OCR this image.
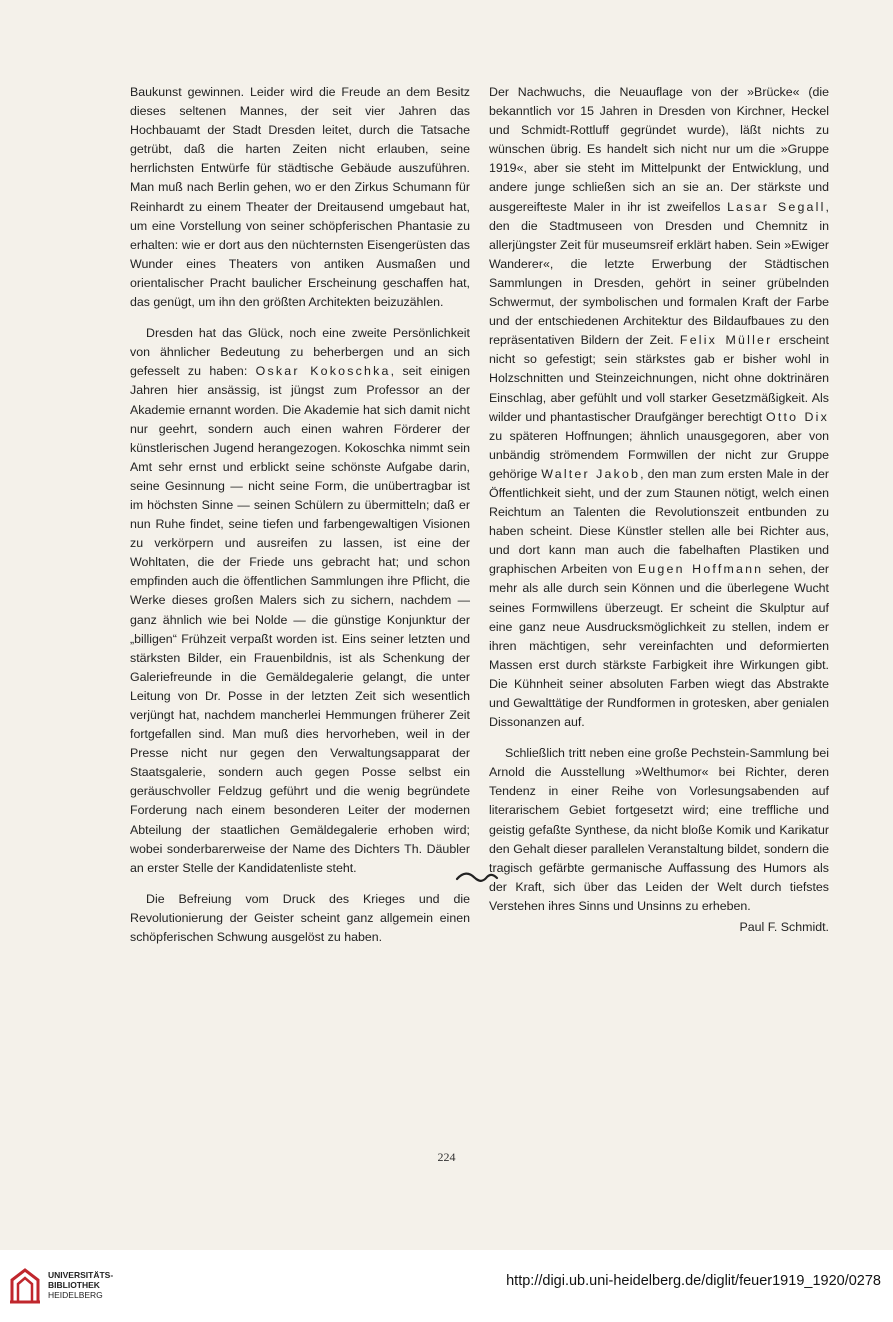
Baukunst gewinnen. Leider wird die Freude an dem Besitz dieses seltenen Mannes, der seit vier Jahren das Hochbauamt der Stadt Dresden leitet, durch die Tatsache getrübt, daß die harten Zeiten nicht erlauben, seine herrlichsten Entwürfe für städtische Gebäude auszuführen. Man muß nach Berlin gehen, wo er den Zirkus Schumann für Reinhardt zu einem Theater der Dreitausend umgebaut hat, um eine Vorstellung von seiner schöpferischen Phantasie zu erhalten: wie er dort aus den nüchternsten Eisengerüsten das Wunder eines Theaters von antiken Ausmaßen und orientalischer Pracht baulicher Erscheinung geschaffen hat, das genügt, um ihn den größten Architekten beizuzählen.

Dresden hat das Glück, noch eine zweite Persönlichkeit von ähnlicher Bedeutung zu beherbergen und an sich gefesselt zu haben: Oskar Kokoschka, seit einigen Jahren hier ansässig, ist jüngst zum Professor an der Akademie ernannt worden. Die Akademie hat sich damit nicht nur geehrt, sondern auch einen wahren Förderer der künstlerischen Jugend herangezogen. Kokoschka nimmt sein Amt sehr ernst und erblickt seine schönste Aufgabe darin, seine Gesinnung — nicht seine Form, die unübertragbar ist im höchsten Sinne — seinen Schülern zu übermitteln; daß er nun Ruhe findet, seine tiefen und farbengewaltigen Visionen zu verkörpern und ausreifen zu lassen, ist eine der Wohltaten, die der Friede uns gebracht hat; und schon empfinden auch die öffentlichen Sammlungen ihre Pflicht, die Werke dieses großen Malers sich zu sichern, nachdem — ganz ähnlich wie bei Nolde — die günstige Konjunktur der „billigen“ Frühzeit verpaßt worden ist. Eins seiner letzten und stärksten Bilder, ein Frauenbildnis, ist als Schenkung der Galeriefreunde in die Gemäldegalerie gelangt, die unter Leitung von Dr. Posse in der letzten Zeit sich wesentlich verjüngt hat, nachdem mancherlei Hemmungen früherer Zeit fortgefallen sind. Man muß dies hervorheben, weil in der Presse nicht nur gegen den Verwaltungsapparat der Staatsgalerie, sondern auch gegen Posse selbst ein geräuschvoller Feldzug geführt und die wenig begründete Forderung nach einem besonderen Leiter der modernen Abteilung der staatlichen Gemäldegalerie erhoben wird; wobei sonderbarerweise der Name des Dichters Th. Däubler an erster Stelle der Kandidatenliste steht.

Die Befreiung vom Druck des Krieges und die Revolutionierung der Geister scheint ganz allgemein einen schöpferischen Schwung ausgelöst zu haben.

Der Nachwuchs, die Neuauflage von der »Brücke« (die bekanntlich vor 15 Jahren in Dresden von Kirchner, Heckel und Schmidt-Rottluff gegründet wurde), läßt nichts zu wünschen übrig. Es handelt sich nicht nur um die »Gruppe 1919«, aber sie steht im Mittelpunkt der Entwicklung, und andere junge schließen sich an sie an. Der stärkste und ausgereifteste Maler in ihr ist zweifellos Lasar Segall, den die Stadtmuseen von Dresden und Chemnitz in allerjüngster Zeit für museumsreif erklärt haben. Sein »Ewiger Wanderer«, die letzte Erwerbung der Städtischen Sammlungen in Dresden, gehört in seiner grübelnden Schwermut, der symbolischen und formalen Kraft der Farbe und der entschiedenen Architektur des Bildaufbaues zu den repräsentativen Bildern der Zeit. Felix Müller erscheint nicht so gefestigt; sein stärkstes gab er bisher wohl in Holzschnitten und Steinzeichnungen, nicht ohne doktrinären Einschlag, aber gefühlt und voll starker Gesetzmäßigkeit. Als wilder und phantastischer Draufgänger berechtigt Otto Dix zu späteren Hoffnungen; ähnlich unausgegoren, aber von unbändig strömendem Formwillen der nicht zur Gruppe gehörige Walter Jakob, den man zum ersten Male in der Öffentlichkeit sieht, und der zum Staunen nötigt, welch einen Reichtum an Talenten die Revolutionszeit entbunden zu haben scheint. Diese Künstler stellen alle bei Richter aus, und dort kann man auch die fabelhaften Plastiken und graphischen Arbeiten von Eugen Hoffmann sehen, der mehr als alle durch sein Können und die überlegene Wucht seines Formwillens überzeugt. Er scheint die Skulptur auf eine ganz neue Ausdrucksmöglichkeit zu stellen, indem er ihren mächtigen, sehr vereinfachten und deformierten Massen erst durch stärkste Farbigkeit ihre Wirkungen gibt. Die Kühnheit seiner absoluten Farben wiegt das Abstrakte und Gewalttätige der Rundformen in grotesken, aber genialen Dissonanzen auf.

Schließlich tritt neben eine große Pechstein-Sammlung bei Arnold die Ausstellung »Welthumor« bei Richter, deren Tendenz in einer Reihe von Vorlesungsabenden auf literarischem Gebiet fortgesetzt wird; eine treffliche und geistig gefaßte Synthese, da nicht bloße Komik und Karikatur den Gehalt dieser parallelen Veranstaltung bildet, sondern die tragisch gefärbte germanische Auffassung des Humors als der Kraft, sich über das Leiden der Welt durch tiefstes Verstehen ihres Sinns und Unsinns zu erheben.

Paul F. Schmidt.
224
UNIVERSITÄTS-
BIBLIOTHEK
HEIDELBERG
http://digi.ub.uni-heidelberg.de/diglit/feuer1919_1920/0278
